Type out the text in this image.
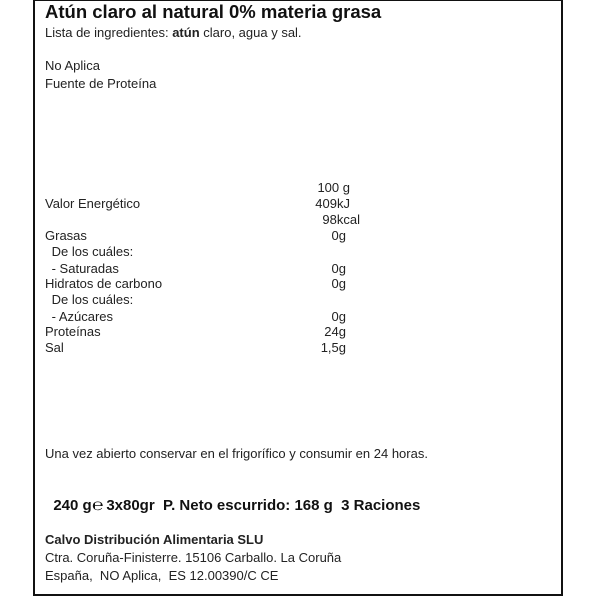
Atún claro al natural 0% materia grasa
Lista de ingredientes: atún claro, agua y sal.
No Aplica
Fuente de Proteína
100 g
Valor Energético	409kJ
98kcal
Grasas	0g
De los cuáles:
- Saturadas	0g
Hidratos de carbono	0g
De los cuáles:
- Azúcares	0g
Proteínas	24g
Sal	1,5g
Una vez abierto conservar en el frigorífico y consumir en 24 horas.

240 g℮ 3x80gr  P. Neto escurrido: 168 g  3 Raciones

Calvo Distribución Alimentaria SLU
Ctra. Coruña-Finisterre. 15106 Carballo. La Coruña
España,  NO Aplica,  ES 12.00390/C CE
